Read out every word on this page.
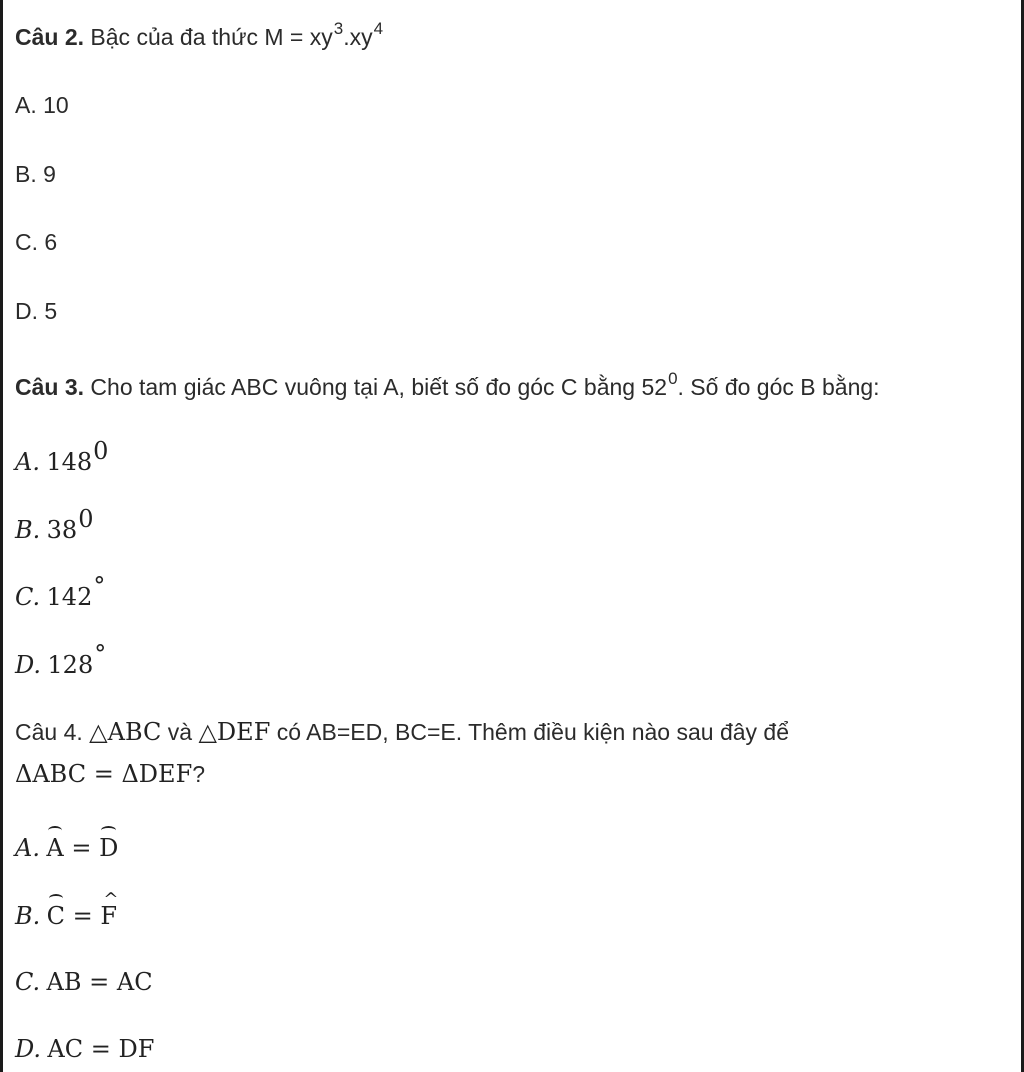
Câu 2. Bậc của đa thức $M = xy^3.xy^4$
A. 10
B. 9
C. 6
D. 5
Câu 3. Cho tam giác ABC vuông tại A, biết số đo góc C bằng $52^0$. Số đo góc B bằng:
A. 1480
B. 380
C. 142°
D. 128°
Câu 4. △ABC và △DEF có AB=ED, BC=E. Thêm điều kiện nào sau đây để
ΔABC = ΔDEF?
A. A = D
B. C = ^ F
C. AB = AC
D. AC = DF
